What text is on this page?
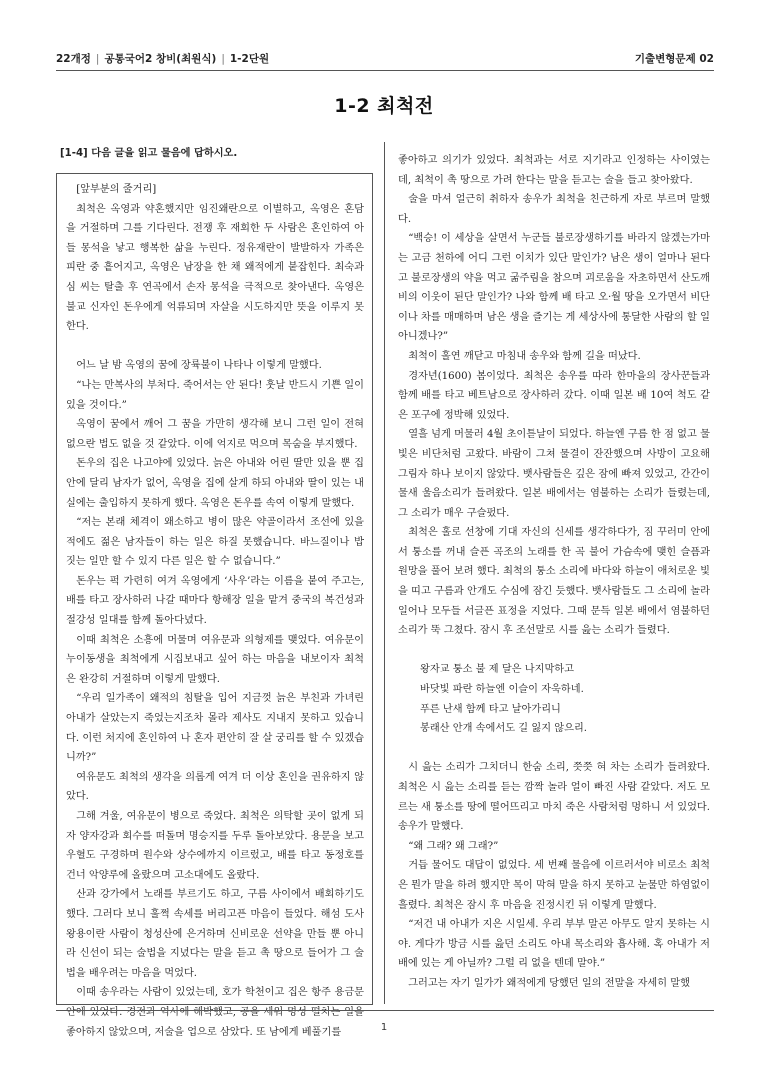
22개정 | 공통국어2 창비(최원식) | 1-2단원	기출변형문제 02
1-2 최척전
[1-4] 다음 글을 읽고 물음에 답하시오.
[앞부분의 줄거리]
최척은 옥영과 약혼했지만 임진왜란으로 이별하고, 옥영은 혼담을 거절하며 그를 기다린다. 전쟁 후 재회한 두 사람은 혼인하여 아들 몽석을 낳고 행복한 삶을 누린다. 정유재란이 발발하자 가족은 피란 중 흩어지고, 옥영은 남장을 한 채 왜적에게 붙잡힌다. 최숙과 심 씨는 탈출 후 연곡에서 손자 몽석을 극적으로 찾아낸다. 옥영은 불교 신자인 돈우에게 억류되며 자살을 시도하지만 뜻을 이루지 못한다.
어느 날 밤 옥영의 꿈에 장륙불이 나타나 이렇게 말했다.
“나는 만복사의 부처다. 죽어서는 안 된다! 훗날 반드시 기쁜 일이 있을 것이다.”
옥영이 꿈에서 깨어 그 꿈을 가만히 생각해 보니 그런 일이 전혀 없으란 법도 없을 것 같았다. 이에 억지로 먹으며 목숨을 부지했다.
돈우의 집은 나고야에 있었다. 늙은 아내와 어린 딸만 있을 뿐 집안에 달리 남자가 없어, 옥영을 집에 살게 하되 아내와 딸이 있는 내실에는 출입하지 못하게 했다. 옥영은 돈우를 속여 이렇게 말했다.
“저는 본래 체격이 왜소하고 병이 많은 약골이라서 조선에 있을 적에도 젊은 남자들이 하는 일은 하질 못했습니다. 바느질이나 밥 짓는 일만 할 수 있지 다른 일은 할 수 없습니다.”
돈우는 퍽 가련히 여겨 옥영에게 ‘사우’라는 이름을 붙여 주고는, 배를 타고 장사하러 나갈 때마다 항해장 일을 맡겨 중국의 복건성과 절강성 일대를 함께 돌아다녔다.
이때 최척은 소흥에 머물며 여유문과 의형제를 맺었다. 여유문이 누이동생을 최척에게 시집보내고 싶어 하는 마음을 내보이자 최척은 완강히 거절하며 이렇게 말했다.
“우리 일가족이 왜적의 침탈을 입어 지금껏 늙은 부친과 가녀린 아내가 살았는지 죽었는지조차 몰라 제사도 지내지 못하고 있습니다. 이런 처지에 혼인하여 나 혼자 편안히 잘 살 궁리를 할 수 있겠습니까?”
여유문도 최척의 생각을 의롭게 여겨 더 이상 혼인을 권유하지 않았다.
그해 겨울, 여유문이 병으로 죽었다. 최척은 의탁할 곳이 없게 되자 양자강과 회수를 떠돌며 명승지를 두루 돌아보았다. 용문을 보고 우혈도 구경하며 원수와 상수에까지 이르렀고, 배를 타고 동정호를 건너 악양루에 올랐으며 고소대에도 올랐다.
산과 강가에서 노래를 부르기도 하고, 구름 사이에서 배회하기도 했다. 그러다 보니 훌쩍 속세를 버리고픈 마음이 들었다. 해섬 도사 왕용이란 사람이 청성산에 은거하며 신비로운 선약을 만들 뿐 아니라 신선이 되는 술법을 지녔다는 말을 듣고 촉 땅으로 들어가 그 술법을 배우려는 마음을 먹었다.
이때 송우라는 사람이 있었는데, 호가 학천이고 집은 항주 용금문 안에 있었다. 경전과 역사에 해박했고, 공을 세워 명성 떨치는 일을 좋아하지 않았으며, 저술을 업으로 삼았다. 또 남에게 베풀기를
좋아하고 의기가 있었다. 최척과는 서로 지기라고 인정하는 사이였는데, 최척이 촉 땅으로 가려 한다는 말을 듣고는 술을 들고 찾아왔다.
술을 마셔 얼근히 취하자 송우가 최척을 친근하게 자로 부르며 말했다.
“백승! 이 세상을 살면서 누군들 불로장생하기를 바라지 않겠는가마는 고금 천하에 어디 그런 이치가 있단 말인가? 남은 생이 얼마나 된다고 불로장생의 약을 먹고 굶주림을 참으며 괴로움을 자초하면서 산도깨비의 이웃이 된단 말인가? 나와 함께 배 타고 오·월 땅을 오가면서 비단이나 차를 매매하며 남은 생을 즐기는 게 세상사에 통달한 사람의 할 일 아니겠나?”
최척이 홀연 깨닫고 마침내 송우와 함께 길을 떠났다.
경자년(1600) 봄이었다. 최척은 송우를 따라 한마을의 장사꾼들과 함께 배를 타고 베트남으로 장사하러 갔다. 이때 일본 배 10여 척도 같은 포구에 정박해 있었다.
열흘 넘게 머물러 4월 초이튿날이 되었다. 하늘엔 구름 한 점 없고 물빛은 비단처럼 고왔다. 바람이 그쳐 물결이 잔잔했으며 사방이 고요해 그림자 하나 보이지 않았다. 뱃사람들은 깊은 잠에 빠져 있었고, 간간이 물새 울음소리가 들려왔다. 일본 배에서는 염불하는 소리가 들렸는데, 그 소리가 매우 구슬펐다.
최척은 홀로 선창에 기대 자신의 신세를 생각하다가, 짐 꾸러미 안에서 퉁소를 꺼내 슬픈 곡조의 노래를 한 곡 불어 가슴속에 맺힌 슬픔과 원망을 풀어 보려 했다. 최척의 퉁소 소리에 바다와 하늘이 애처로운 빛을 띠고 구름과 안개도 수심에 잠긴 듯했다. 뱃사람들도 그 소리에 놀라 일어나 모두들 서글픈 표정을 지었다. 그때 문득 일본 배에서 염불하던 소리가 뚝 그쳤다. 잠시 후 조선말로 시를 읊는 소리가 들렸다.
왕자교 퉁소 불 제 달은 나지막하고
바닷빛 파란 하늘엔 이슬이 자욱하네.
푸른 난새 함께 타고 날아가리니
봉래산 안개 속에서도 길 잃지 않으리.
시 읊는 소리가 그치더니 한숨 소리, 쯧쯧 혀 차는 소리가 들려왔다. 최척은 시 읊는 소리를 듣는 깜짝 놀라 얼이 빠진 사람 같았다. 저도 모르는 새 퉁소를 땅에 떨어뜨리고 마치 죽은 사람처럼 멍하니 서 있었다. 송우가 말했다.
“왜 그래? 왜 그래?”
거듭 물어도 대답이 없었다. 세 번째 물음에 이르러서야 비로소 최척은 뭔가 말을 하려 했지만 목이 막혀 말을 하지 못하고 눈물만 하염없이 흘렸다. 최척은 잠시 후 마음을 진정시킨 뒤 이렇게 말했다.
“저건 내 아내가 지은 시일세. 우리 부부 말곤 아무도 알지 못하는 시야. 게다가 방금 시를 읊던 소리도 아내 목소리와 흡사해. 혹 아내가 저 배에 있는 게 아닐까? 그럴 리 없을 텐데 말야.”
그러고는 자기 일가가 왜적에게 당했던 일의 전말을 자세히 말했
1
